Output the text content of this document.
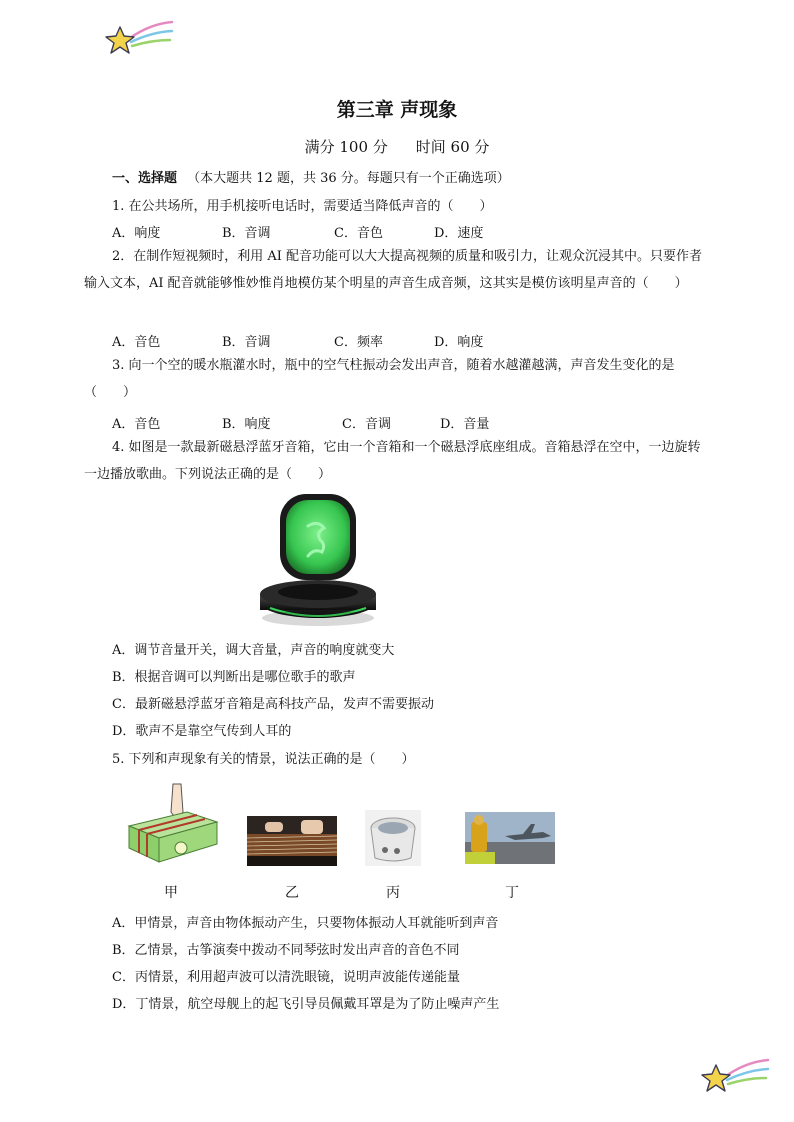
第三章 声现象
满分 100 分 时间 60 分
一、选择题 （本大题共 12 题，共 36 分。每题只有一个正确选项）
1. 在公共场所，用手机接听电话时，需要适当降低声音的（　　）
A．响度	B．音调	C．音色	D．速度
2．在制作短视频时，利用 AI 配音功能可以大大提高视频的质量和吸引力，让观众沉浸其中。只要作者输入文本，AI 配音就能够惟妙惟肖地模仿某个明星的声音生成音频，这其实是模仿该明星声音的（　　）
A．音色	B．音调	C．频率	D．响度
3. 向一个空的暖水瓶灌水时，瓶中的空气柱振动会发出声音，随着水越灌越满，声音发生变化的是（　　）
A．音色	B．响度	C．音调	D．音量
4. 如图是一款最新磁悬浮蓝牙音箱，它由一个音箱和一个磁悬浮底座组成。音箱悬浮在空中，一边旋转一边播放歌曲。下列说法正确的是（　　）
A．调节音量开关，调大音量，声音的响度就变大
B．根据音调可以判断出是哪位歌手的歌声
C．最新磁悬浮蓝牙音箱是高科技产品，发声不需要振动
D．歌声不是靠空气传到人耳的
5. 下列和声现象有关的情景，说法正确的是（　　）
甲	乙	丙	丁
A．甲情景，声音由物体振动产生，只要物体振动人耳就能听到声音
B．乙情景，古筝演奏中拨动不同琴弦时发出声音的音色不同
C．丙情景，利用超声波可以清洗眼镜，说明声波能传递能量
D．丁情景，航空母舰上的起飞引导员佩戴耳罩是为了防止噪声产生
